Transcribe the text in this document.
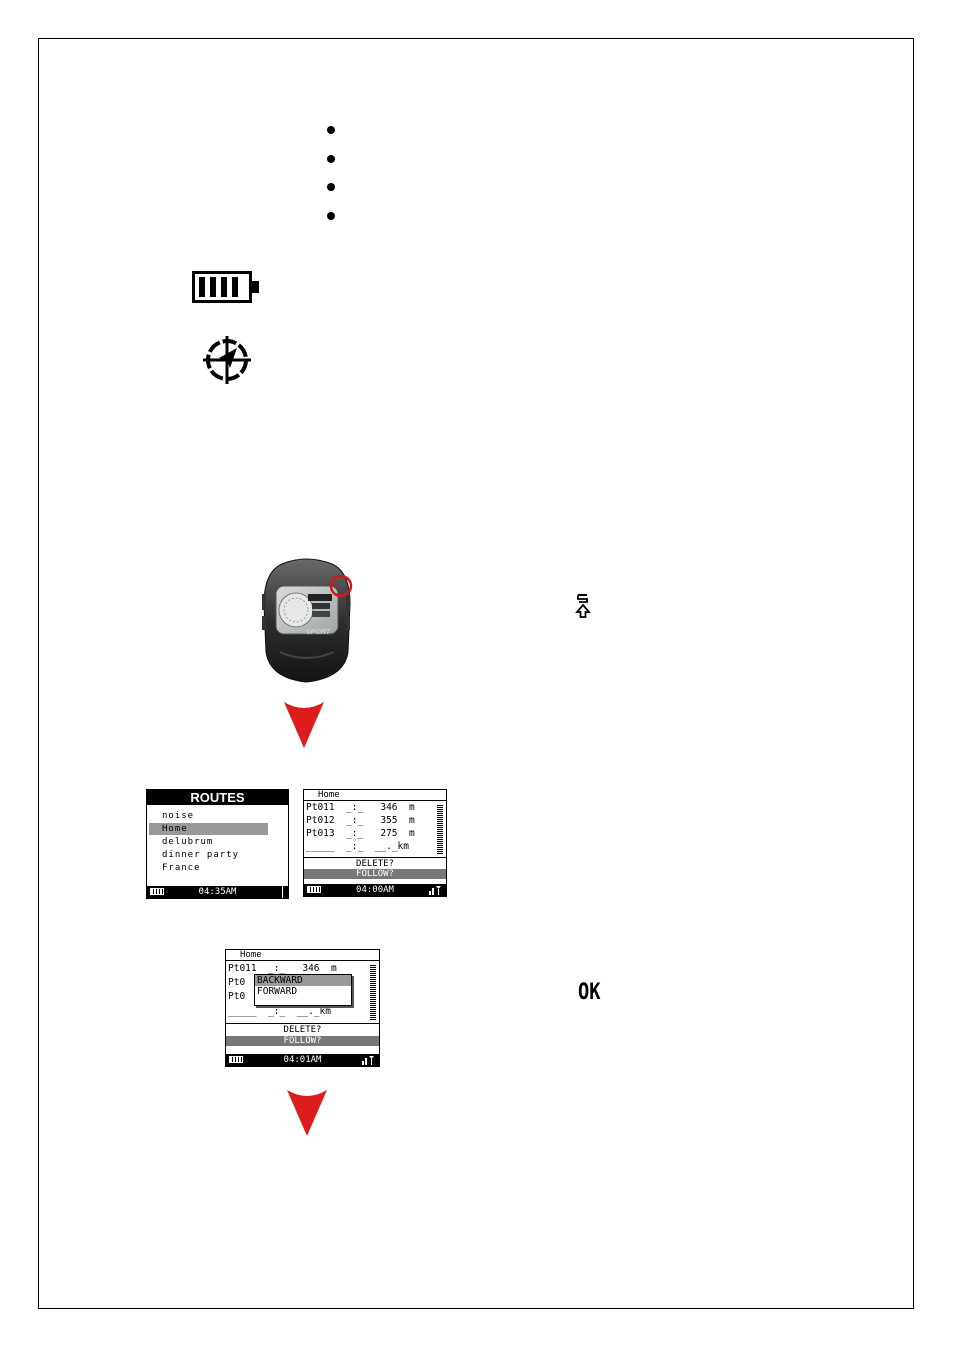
SPORT
ROUTES
noise
Home
delubrum
dinner party
France
04:35AM
Home
Pt011  _:_   346  m
Pt012  _:_   355  m
Pt013  _:_   275  m
_____  _:_  __._km
DELETE?
FOLLOW?
04:00AM
Home
Pt011  _:_   346  m
Pt0
Pt0
_____  _:_  __._km
BACKWARD
FORWARD
DELETE?
FOLLOW?
04:01AM
OK
